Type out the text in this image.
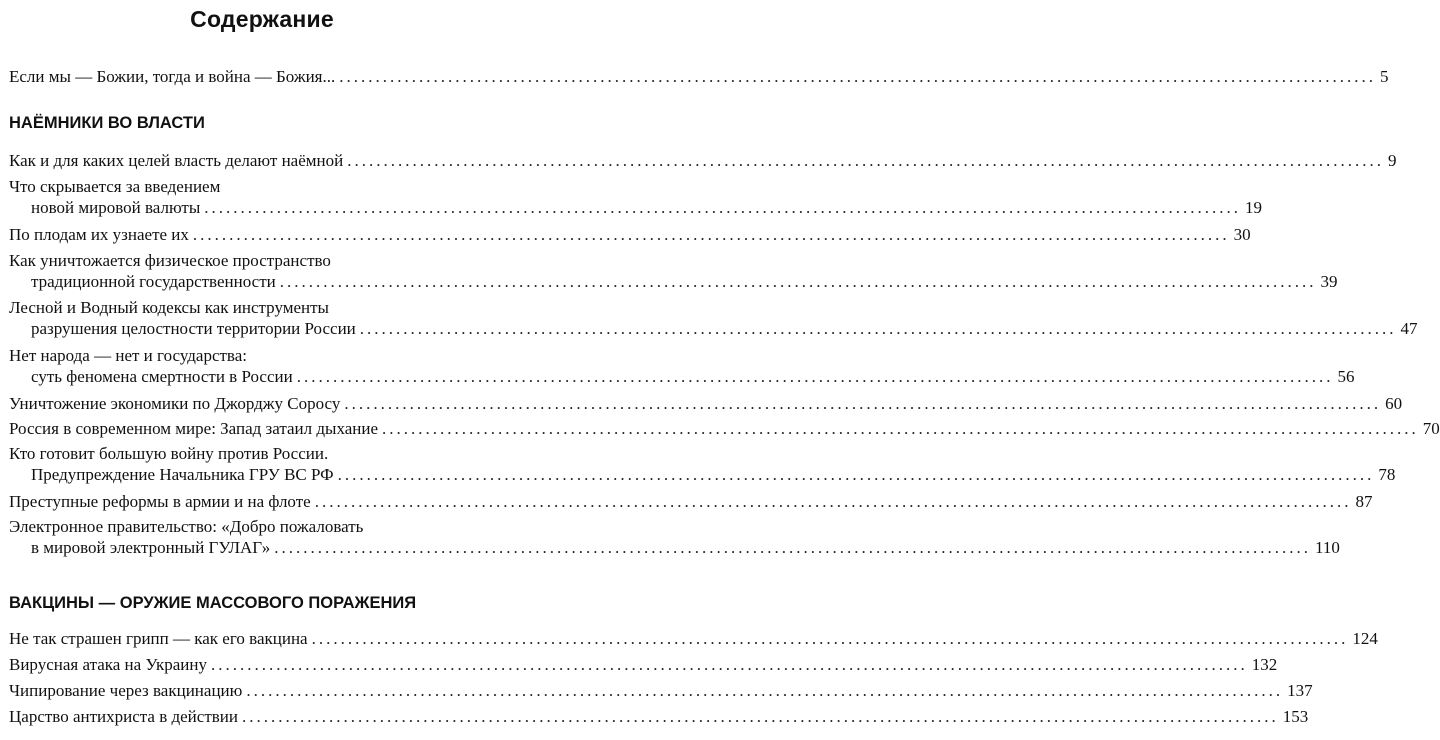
Содержание
Если мы — Божии, тогда и война — Божия... ............................................................................................................................................... 5
НАЁМНИКИ ВО ВЛАСТИ
Как и для каких целей власть делают наёмной ............................................................................................................................................... 9
Что скрывается за введением
новой мировой валюты ............................................................................................................................................... 19
По плодам их узнаете их ............................................................................................................................................... 30
Как уничтожается физическое пространство
традиционной государственности ............................................................................................................................................... 39
Лесной и Водный кодексы как инструменты
разрушения целостности территории России ............................................................................................................................................... 47
Нет народа — нет и государства:
суть феномена смертности в России ............................................................................................................................................... 56
Уничтожение экономики по Джорджу Соросу ............................................................................................................................................... 60
Россия в современном мире: Запад затаил дыхание ............................................................................................................................................... 70
Кто готовит большую войну против России.
Предупреждение Начальника ГРУ ВС РФ ............................................................................................................................................... 78
Преступные реформы в армии и на флоте ............................................................................................................................................... 87
Электронное правительство: «Добро пожаловать
в мировой электронный ГУЛАГ» ............................................................................................................................................... 110
ВАКЦИНЫ — ОРУЖИЕ МАССОВОГО ПОРАЖЕНИЯ
Не так страшен грипп — как его вакцина ............................................................................................................................................... 124
Вирусная атака на Украину ............................................................................................................................................... 132
Чипирование через вакцинацию ............................................................................................................................................... 137
Царство антихриста в действии ............................................................................................................................................... 153
